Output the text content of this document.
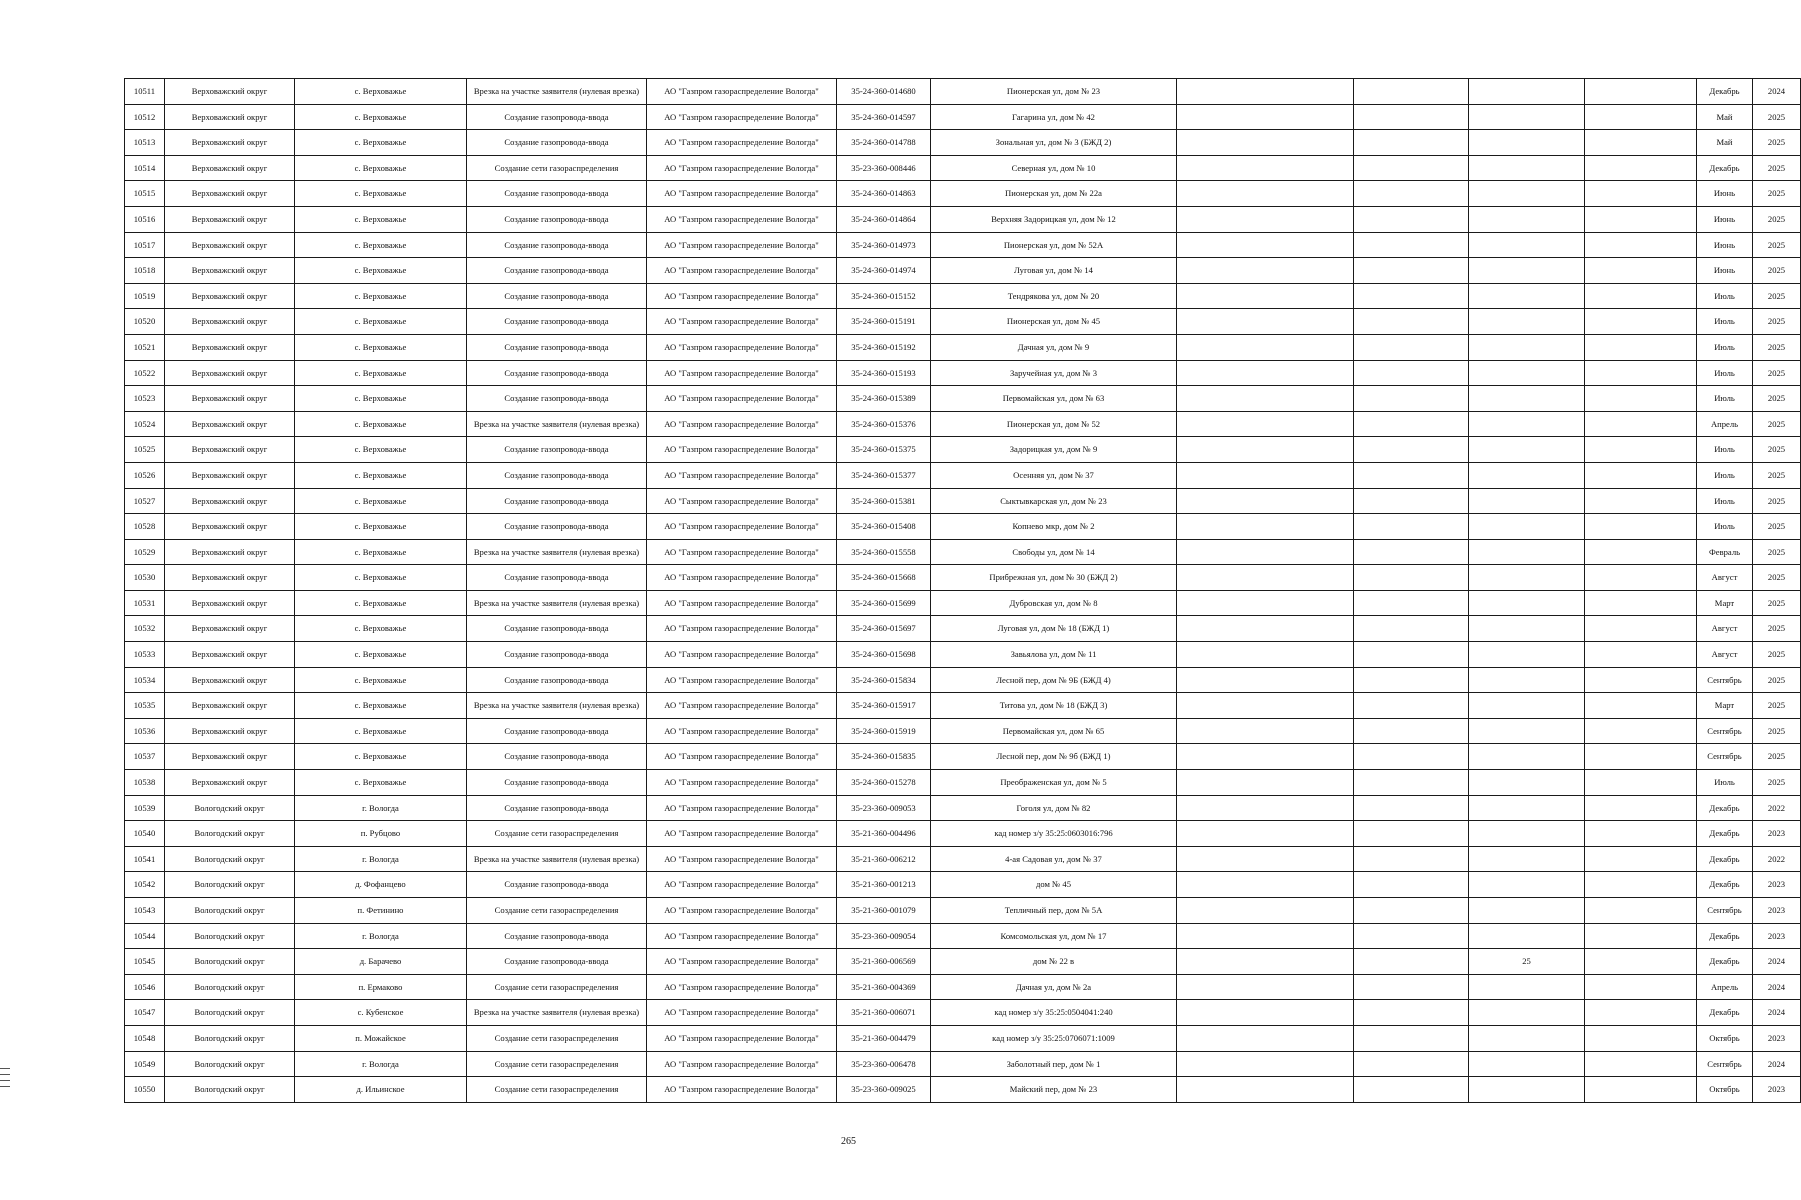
10511	Верховажский округ	с. Верховажье	Врезка на участке заявителя (нулевая врезка)	АО "Газпром газораспределение Вологда"	35-24-360-014680	Пионерская ул, дом № 23					Декабрь	2024
10512	Верховажский округ	с. Верховажье	Создание газопровода-ввода	АО "Газпром газораспределение Вологда"	35-24-360-014597	Гагарина ул, дом № 42					Май	2025
10513	Верховажский округ	с. Верховажье	Создание газопровода-ввода	АО "Газпром газораспределение Вологда"	35-24-360-014788	Зональная ул, дом № 3 (БЖД 2)					Май	2025
10514	Верховажский округ	с. Верховажье	Создание сети газораспределения	АО "Газпром газораспределение Вологда"	35-23-360-008446	Северная ул, дом № 10					Декабрь	2025
10515	Верховажский округ	с. Верховажье	Создание газопровода-ввода	АО "Газпром газораспределение Вологда"	35-24-360-014863	Пионерская ул, дом № 22а					Июнь	2025
10516	Верховажский округ	с. Верховажье	Создание газопровода-ввода	АО "Газпром газораспределение Вологда"	35-24-360-014864	Верхняя Задорицкая ул, дом № 12					Июнь	2025
10517	Верховажский округ	с. Верховажье	Создание газопровода-ввода	АО "Газпром газораспределение Вологда"	35-24-360-014973	Пионерская ул, дом № 52А					Июнь	2025
10518	Верховажский округ	с. Верховажье	Создание газопровода-ввода	АО "Газпром газораспределение Вологда"	35-24-360-014974	Луговая ул, дом № 14					Июнь	2025
10519	Верховажский округ	с. Верховажье	Создание газопровода-ввода	АО "Газпром газораспределение Вологда"	35-24-360-015152	Тендрякова ул, дом № 20					Июль	2025
10520	Верховажский округ	с. Верховажье	Создание газопровода-ввода	АО "Газпром газораспределение Вологда"	35-24-360-015191	Пионерская ул, дом № 45					Июль	2025
10521	Верховажский округ	с. Верховажье	Создание газопровода-ввода	АО "Газпром газораспределение Вологда"	35-24-360-015192	Дачная ул, дом № 9					Июль	2025
10522	Верховажский округ	с. Верховажье	Создание газопровода-ввода	АО "Газпром газораспределение Вологда"	35-24-360-015193	Заручейная ул, дом № 3					Июль	2025
10523	Верховажский округ	с. Верховажье	Создание газопровода-ввода	АО "Газпром газораспределение Вологда"	35-24-360-015389	Первомайская ул, дом № 63					Июль	2025
10524	Верховажский округ	с. Верховажье	Врезка на участке заявителя (нулевая врезка)	АО "Газпром газораспределение Вологда"	35-24-360-015376	Пионерская ул, дом № 52					Апрель	2025
10525	Верховажский округ	с. Верховажье	Создание газопровода-ввода	АО "Газпром газораспределение Вологда"	35-24-360-015375	Задорицкая ул, дом № 9					Июль	2025
10526	Верховажский округ	с. Верховажье	Создание газопровода-ввода	АО "Газпром газораспределение Вологда"	35-24-360-015377	Осенняя ул, дом № 37					Июль	2025
10527	Верховажский округ	с. Верховажье	Создание газопровода-ввода	АО "Газпром газораспределение Вологда"	35-24-360-015381	Сыктывкарская ул, дом № 23					Июль	2025
10528	Верховажский округ	с. Верховажье	Создание газопровода-ввода	АО "Газпром газораспределение Вологда"	35-24-360-015408	Копнево мкр, дом № 2					Июль	2025
10529	Верховажский округ	с. Верховажье	Врезка на участке заявителя (нулевая врезка)	АО "Газпром газораспределение Вологда"	35-24-360-015558	Свободы ул, дом № 14					Февраль	2025
10530	Верховажский округ	с. Верховажье	Создание газопровода-ввода	АО "Газпром газораспределение Вологда"	35-24-360-015668	Прибрежная ул, дом № 30 (БЖД 2)					Август	2025
10531	Верховажский округ	с. Верховажье	Врезка на участке заявителя (нулевая врезка)	АО "Газпром газораспределение Вологда"	35-24-360-015699	Дубровская ул, дом № 8					Март	2025
10532	Верховажский округ	с. Верховажье	Создание газопровода-ввода	АО "Газпром газораспределение Вологда"	35-24-360-015697	Луговая ул, дом № 18 (БЖД 1)					Август	2025
10533	Верховажский округ	с. Верховажье	Создание газопровода-ввода	АО "Газпром газораспределение Вологда"	35-24-360-015698	Завьялова ул, дом № 11					Август	2025
10534	Верховажский округ	с. Верховажье	Создание газопровода-ввода	АО "Газпром газораспределение Вологда"	35-24-360-015834	Лесной пер, дом № 9Б (БЖД 4)					Сентябрь	2025
10535	Верховажский округ	с. Верховажье	Врезка на участке заявителя (нулевая врезка)	АО "Газпром газораспределение Вологда"	35-24-360-015917	Титова ул, дом № 18 (БЖД 3)					Март	2025
10536	Верховажский округ	с. Верховажье	Создание газопровода-ввода	АО "Газпром газораспределение Вологда"	35-24-360-015919	Первомайская ул, дом № 65					Сентябрь	2025
10537	Верховажский округ	с. Верховажье	Создание газопровода-ввода	АО "Газпром газораспределение Вологда"	35-24-360-015835	Лесной пер, дом № 9б (БЖД 1)					Сентябрь	2025
10538	Верховажский округ	с. Верховажье	Создание газопровода-ввода	АО "Газпром газораспределение Вологда"	35-24-360-015278	Преображенская ул, дом № 5					Июль	2025
10539	Вологодский округ	г. Вологда	Создание газопровода-ввода	АО "Газпром газораспределение Вологда"	35-23-360-009053	Гоголя ул, дом № 82					Декабрь	2022
10540	Вологодский округ	п. Рубцово	Создание сети газораспределения	АО "Газпром газораспределение Вологда"	35-21-360-004496	кад номер з/у 35:25:0603016:796					Декабрь	2023
10541	Вологодский округ	г. Вологда	Врезка на участке заявителя (нулевая врезка)	АО "Газпром газораспределение Вологда"	35-21-360-006212	4-ая Садовая ул, дом № 37					Декабрь	2022
10542	Вологодский округ	д. Фофанцево	Создание газопровода-ввода	АО "Газпром газораспределение Вологда"	35-21-360-001213	дом № 45					Декабрь	2023
10543	Вологодский округ	п. Фетинино	Создание сети газораспределения	АО "Газпром газораспределение Вологда"	35-21-360-001079	Тепличный пер, дом № 5А					Сентябрь	2023
10544	Вологодский округ	г. Вологда	Создание газопровода-ввода	АО "Газпром газораспределение Вологда"	35-23-360-009054	Комсомольская ул, дом № 17					Декабрь	2023
10545	Вологодский округ	д. Барачево	Создание газопровода-ввода	АО "Газпром газораспределение Вологда"	35-21-360-006569	дом № 22 в			25		Декабрь	2024
10546	Вологодский округ	п. Ермаково	Создание сети газораспределения	АО "Газпром газораспределение Вологда"	35-21-360-004369	Дачная ул, дом № 2а					Апрель	2024
10547	Вологодский округ	с. Кубенское	Врезка на участке заявителя (нулевая врезка)	АО "Газпром газораспределение Вологда"	35-21-360-006071	кад номер з/у 35:25:0504041:240					Декабрь	2024
10548	Вологодский округ	п. Можайское	Создание сети газораспределения	АО "Газпром газораспределение Вологда"	35-21-360-004479	кад номер з/у 35:25:0706071:1009					Октябрь	2023
10549	Вологодский округ	г. Вологда	Создание сети газораспределения	АО "Газпром газораспределение Вологда"	35-23-360-006478	Заболотный пер, дом № 1					Сентябрь	2024
10550	Вологодский округ	д. Ильинское	Создание сети газораспределения	АО "Газпром газораспределение Вологда"	35-23-360-009025	Майский пер, дом № 23					Октябрь	2023
265
